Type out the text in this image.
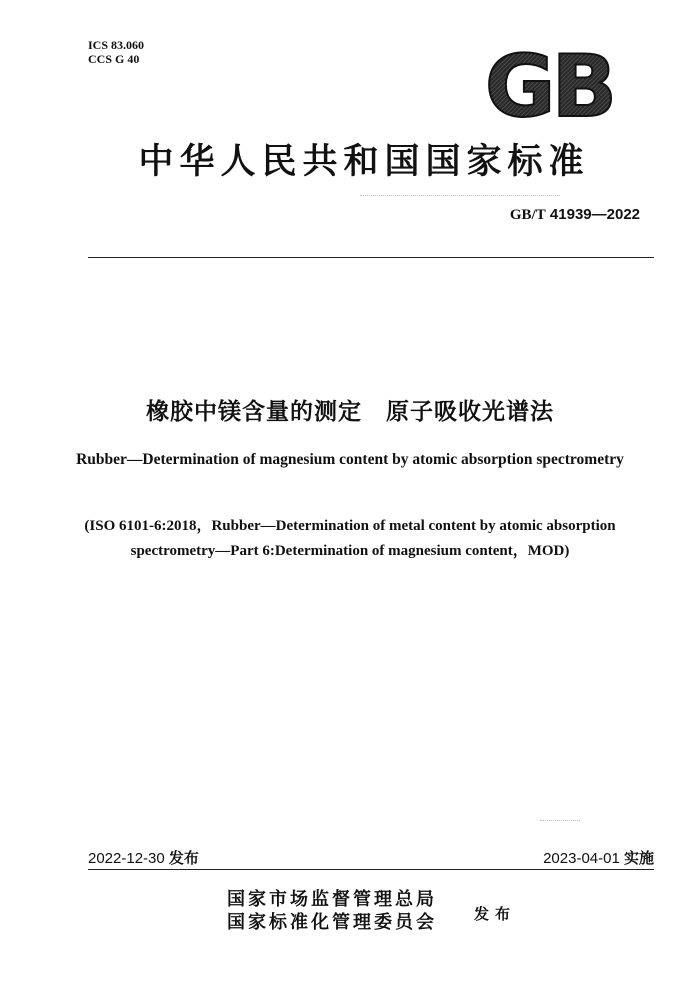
ICS 83.060
CCS G 40	GB
中华人民共和国国家标准
GB/T 41939—2022
橡胶中镁含量的测定　原子吸收光谱法
Rubber—Determination of magnesium content by atomic absorption spectrometry
(ISO 6101-6:2018，Rubber—Determination of metal content by atomic absorption
spectrometry—Part 6:Determination of magnesium content，MOD)
2022-12-30 发布	2023-04-01 实施
国家市场监督管理总局
国家标准化管理委员会 发布
